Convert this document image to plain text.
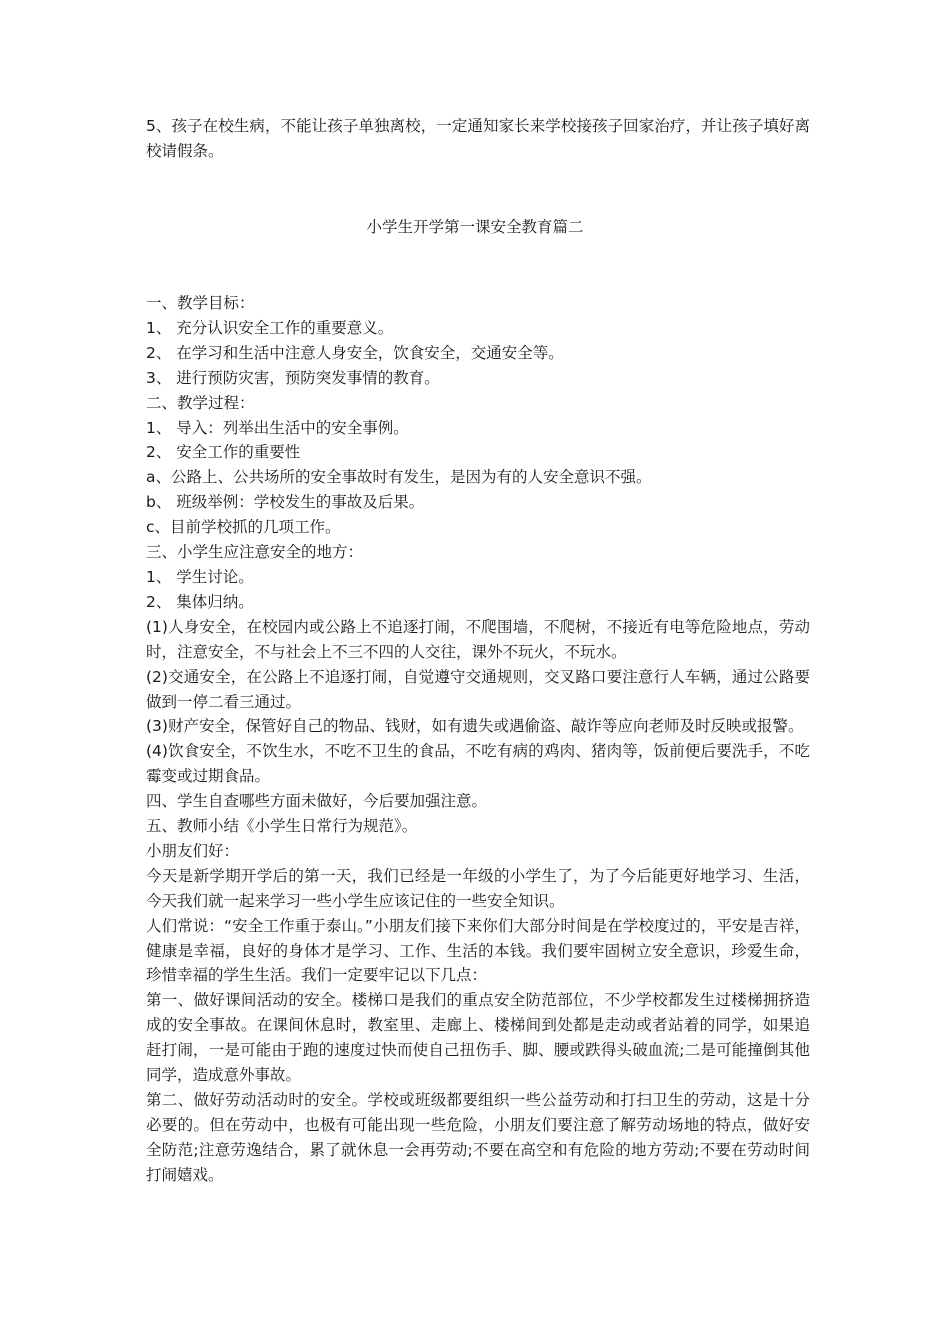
5、孩子在校生病，不能让孩子单独离校，一定通知家长来学校接孩子回家治疗，并让孩子填好离校请假条。

小学生开学第一课安全教育篇二

一、教学目标：

1、 充分认识安全工作的重要意义。

2、 在学习和生活中注意人身安全，饮食安全，交通安全等。

3、 进行预防灾害，预防突发事情的教育。

二、教学过程：

1、 导入：列举出生活中的安全事例。

2、 安全工作的重要性

a、公路上、公共场所的安全事故时有发生，是因为有的人安全意识不强。

b、 班级举例：学校发生的事故及后果。

c、目前学校抓的几项工作。

三、小学生应注意安全的地方：

1、 学生讨论。

2、 集体归纳。

(1)人身安全，在校园内或公路上不追逐打闹，不爬围墙，不爬树，不接近有电等危险地点，劳动时，注意安全，不与社会上不三不四的人交往，课外不玩火，不玩水。

(2)交通安全，在公路上不追逐打闹，自觉遵守交通规则，交叉路口要注意行人车辆，通过公路要做到一停二看三通过。

(3)财产安全，保管好自己的物品、钱财，如有遗失或遇偷盗、敲诈等应向老师及时反映或报警。

(4)饮食安全，不饮生水，不吃不卫生的食品，不吃有病的鸡肉、猪肉等，饭前便后要洗手，不吃霉变或过期食品。

四、学生自查哪些方面未做好，今后要加强注意。

五、教师小结《小学生日常行为规范》。

小朋友们好：

今天是新学期开学后的第一天，我们已经是一年级的小学生了，为了今后能更好地学习、生活，今天我们就一起来学习一些小学生应该记住的一些安全知识。

人们常说：“安全工作重于泰山。”小朋友们接下来你们大部分时间是在学校度过的，平安是吉祥，健康是幸福，良好的身体才是学习、工作、生活的本钱。我们要牢固树立安全意识，珍爱生命，珍惜幸福的学生生活。我们一定要牢记以下几点：

第一、做好课间活动的安全。楼梯口是我们的重点安全防范部位，不少学校都发生过楼梯拥挤造成的安全事故。在课间休息时，教室里、走廊上、楼梯间到处都是走动或者站着的同学，如果追赶打闹，一是可能由于跑的速度过快而使自己扭伤手、脚、腰或跌得头破血流;二是可能撞倒其他同学，造成意外事故。

第二、做好劳动活动时的安全。学校或班级都要组织一些公益劳动和打扫卫生的劳动，这是十分必要的。但在劳动中，也极有可能出现一些危险，小朋友们要注意了解劳动场地的特点，做好安全防范;注意劳逸结合，累了就休息一会再劳动;不要在高空和有危险的地方劳动;不要在劳动时间打闹嬉戏。
